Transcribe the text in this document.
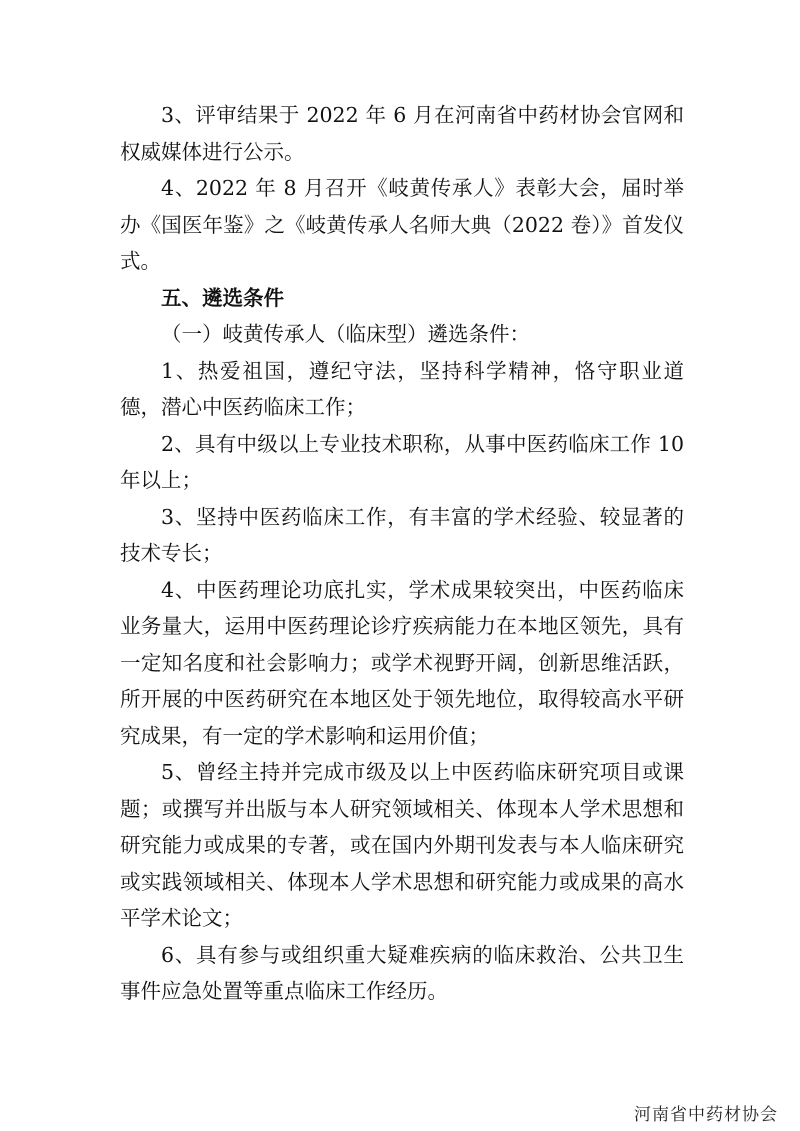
3、评审结果于 2022 年 6 月在河南省中药材协会官网和权威媒体进行公示。

4、2022 年 8 月召开《岐黄传承人》表彰大会，届时举办《国医年鉴》之《岐黄传承人名师大典（2022 卷）》首发仪式。

五、遴选条件

（一）岐黄传承人（临床型）遴选条件：

1、热爱祖国，遵纪守法，坚持科学精神，恪守职业道德，潜心中医药临床工作；

2、具有中级以上专业技术职称，从事中医药临床工作 10 年以上；

3、坚持中医药临床工作，有丰富的学术经验、较显著的技术专长；

4、中医药理论功底扎实，学术成果较突出，中医药临床业务量大，运用中医药理论诊疗疾病能力在本地区领先，具有一定知名度和社会影响力；或学术视野开阔，创新思维活跃，所开展的中医药研究在本地区处于领先地位，取得较高水平研究成果，有一定的学术影响和运用价值；

5、曾经主持并完成市级及以上中医药临床研究项目或课题；或撰写并出版与本人研究领域相关、体现本人学术思想和研究能力或成果的专著，或在国内外期刊发表与本人临床研究或实践领域相关、体现本人学术思想和研究能力或成果的高水平学术论文；

6、具有参与或组织重大疑难疾病的临床救治、公共卫生事件应急处置等重点临床工作经历。

河南省中药材协会
